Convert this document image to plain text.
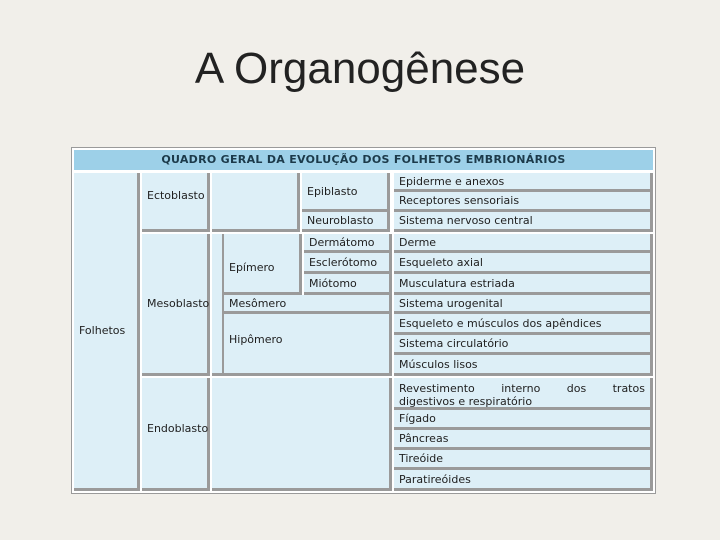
A Organogênese
QUADRO GERAL DA EVOLUÇÃO DOS FOLHETOS EMBRIONÁRIOS
Folhetos
Ectoblasto
Mesoblasto
Endoblasto
Epímero
Mesômero
Hipômero
Epiblasto
Neuroblasto
Dermátomo
Esclerótomo
Miótomo
Epiderme e anexos
Receptores sensoriais
Sistema nervoso central
Derme
Esqueleto axial
Musculatura estriada
Sistema urogenital
Esqueleto e músculos dos apêndices
Sistema circulatório
Músculos lisos
Revestimento interno dos tratos
digestivos e respiratório
Fígado
Pâncreas
Tireóide
Paratireóides
